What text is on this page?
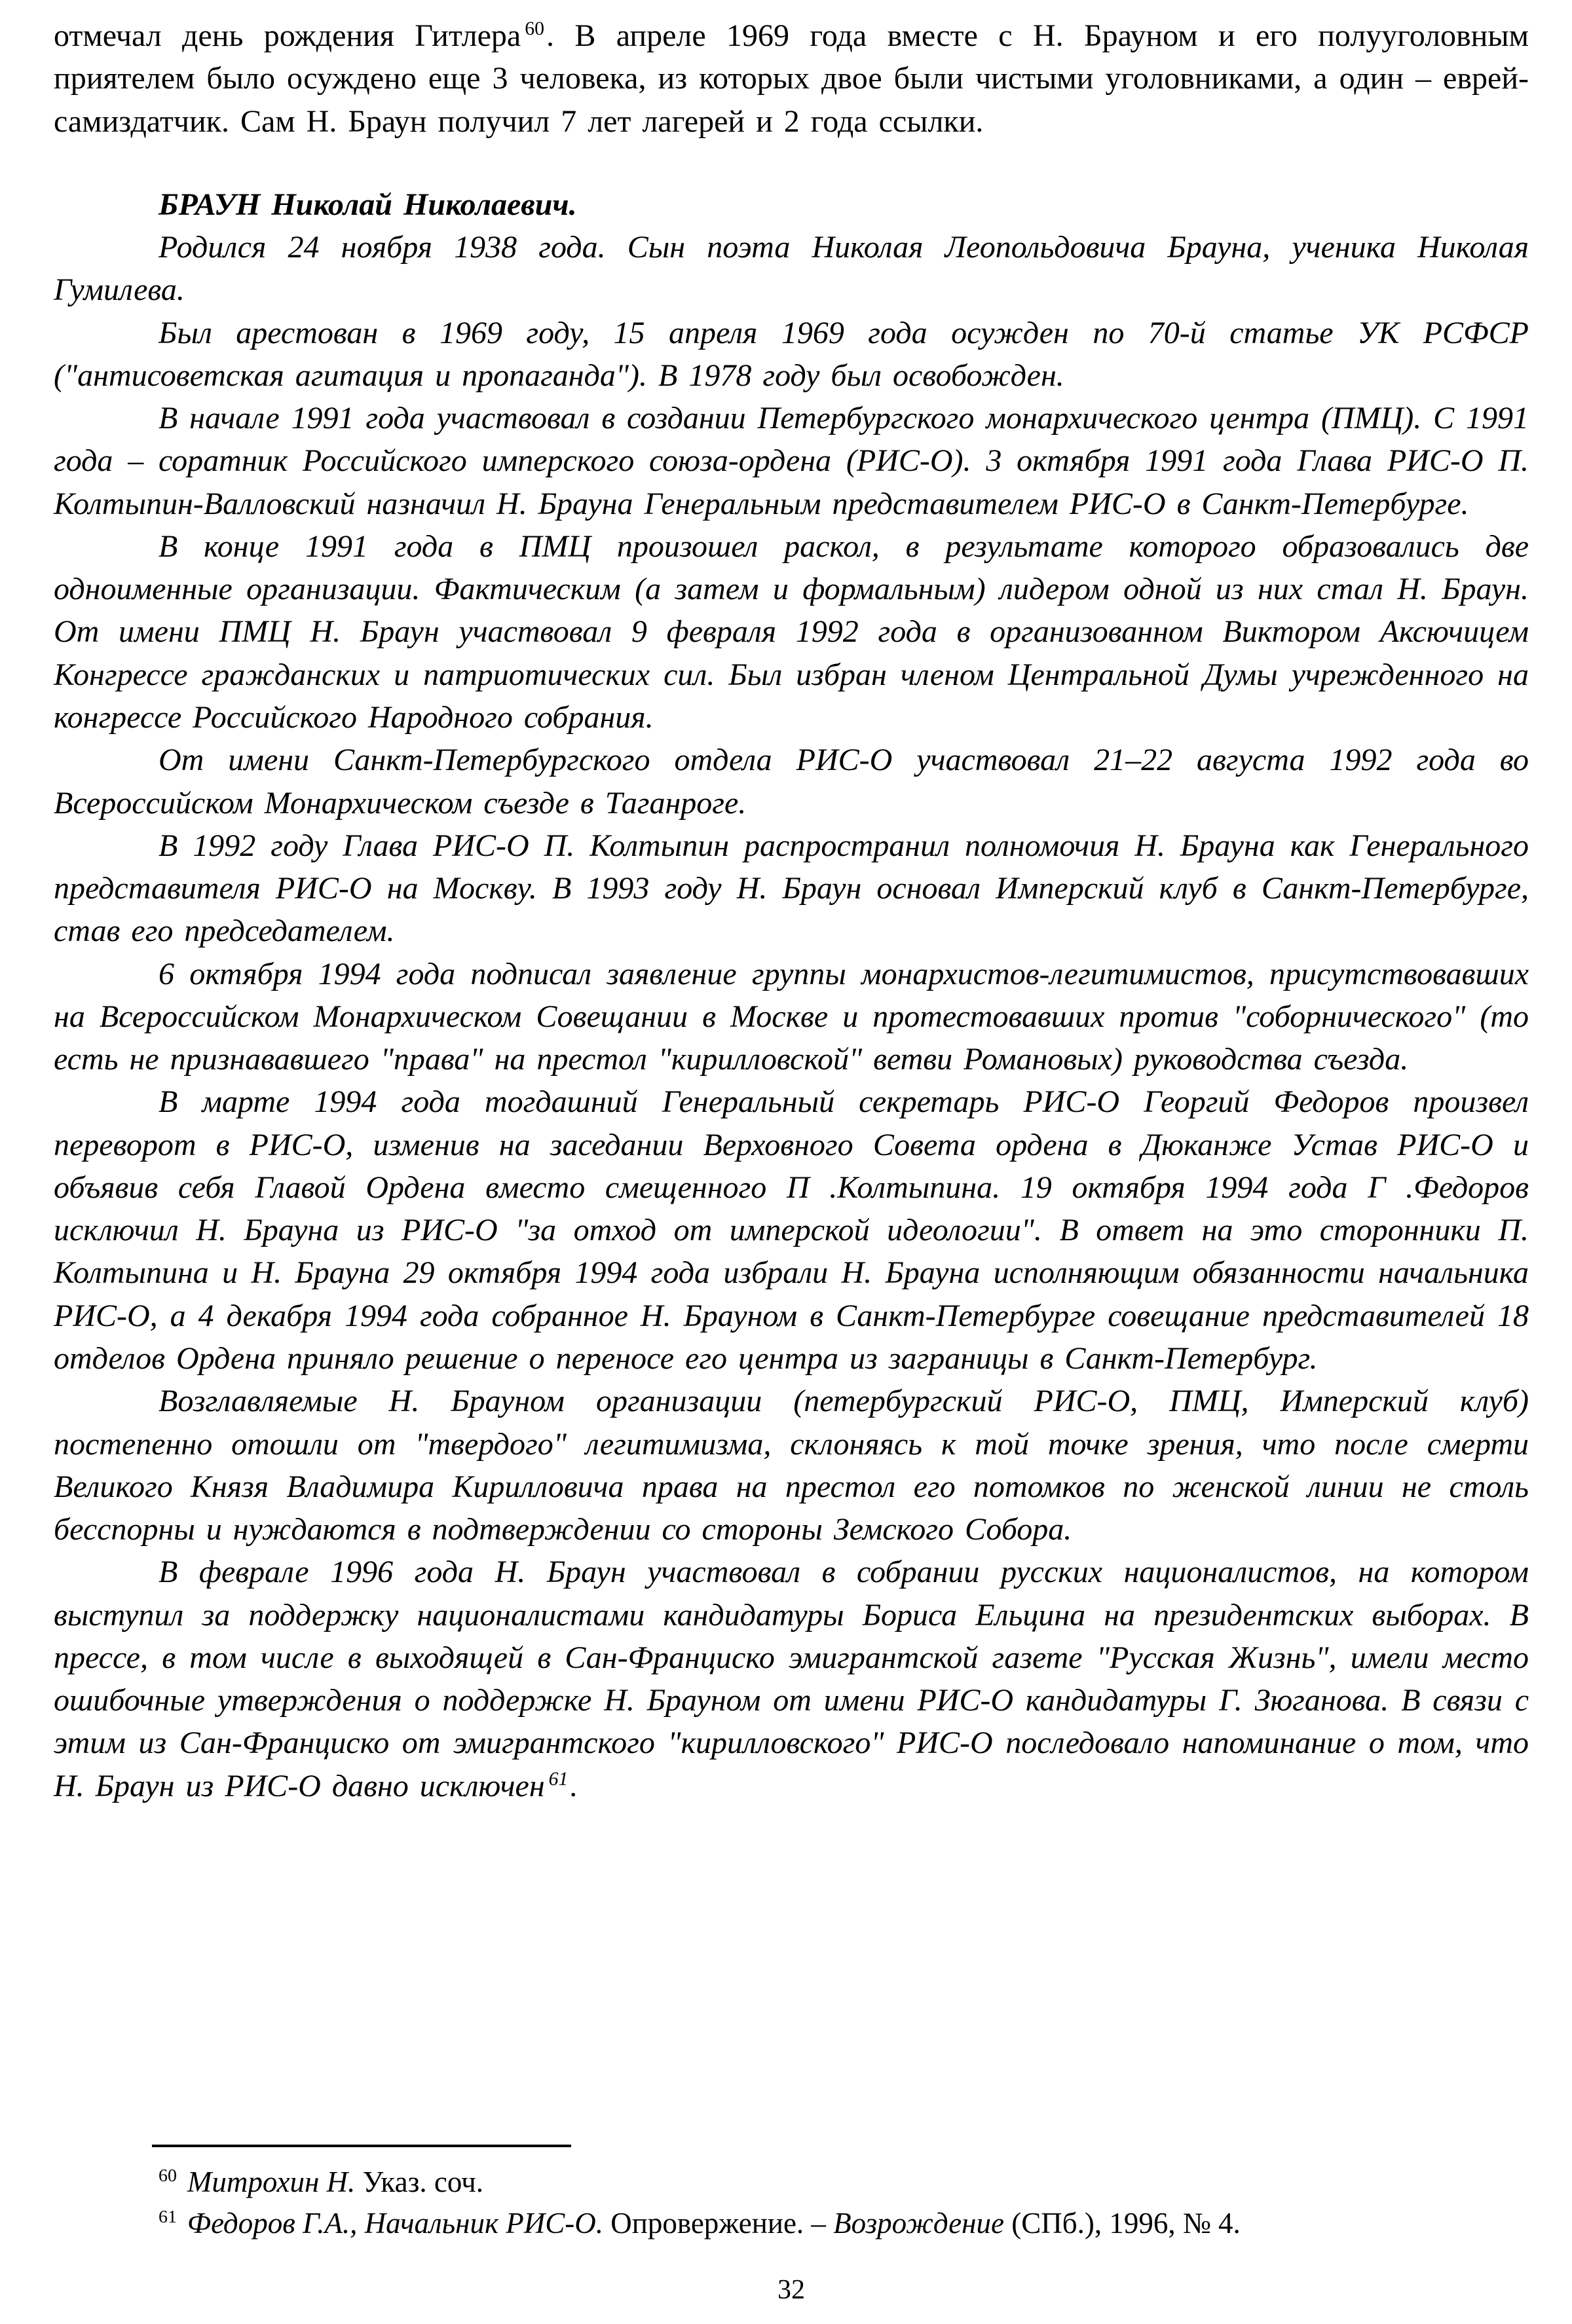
отмечал день рождения Гитлера $^{60}$. В апреле 1969 года вместе с Н. Брауном и его полууголовным приятелем было осуждено еще 3 человека, из которых двое были чистыми уголовниками, а один – еврей-самиздатчик. Сам Н. Браун получил 7 лет лагерей и 2 года ссылки.

БРАУН Николай Николаевич.

Родился 24 ноября 1938 года. Сын поэта Николая Леопольдовича Брауна, ученика Николая Гумилева.

Был арестован в 1969 году, 15 апреля 1969 года осужден по 70-й статье УК РСФСР ("антисоветская агитация и пропаганда"). В 1978 году был освобожден.

В начале 1991 года участвовал в создании Петербургского монархического центра (ПМЦ). С 1991 года – соратник Российского имперского союза-ордена (РИС-О). 3 октября 1991 года Глава РИС-О П. Колтыпин-Валловский назначил Н. Брауна Генеральным представителем РИС-О в Санкт-Петербурге.

В конце 1991 года в ПМЦ произошел раскол, в результате которого образовались две одноименные организации. Фактическим (а затем и формальным) лидером одной из них стал Н. Браун. От имени ПМЦ Н. Браун участвовал 9 февраля 1992 года в организованном Виктором Аксючицем Конгрессе гражданских и патриотических сил. Был избран членом Центральной Думы учрежденного на конгрессе Российского Народного собрания.

От имени Санкт-Петербургского отдела РИС-О участвовал 21–22 августа 1992 года во Всероссийском Монархическом съезде в Таганроге.

В 1992 году Глава РИС-О П. Колтыпин распространил полномочия Н. Брауна как Генерального представителя РИС-О на Москву. В 1993 году Н. Браун основал Имперский клуб в Санкт-Петербурге, став его председателем.

6 октября 1994 года подписал заявление группы монархистов-легитимистов, присутствовавших на Всероссийском Монархическом Совещании в Москве и протестовавших против "соборнического" (то есть не признававшего "права" на престол "кирилловской" ветви Романовых) руководства съезда.

В марте 1994 года тогдашний Генеральный секретарь РИС-О Георгий Федоров произвел переворот в РИС-О, изменив на заседании Верховного Совета ордена в Дюканже Устав РИС-О и объявив себя Главой Ордена вместо смещенного П .Колтыпина. 19 октября 1994 года Г .Федоров исключил Н. Брауна из РИС-О "за отход от имперской идеологии". В ответ на это сторонники П. Колтыпина и Н. Брауна 29 октября 1994 года избрали Н. Брауна исполняющим обязанности начальника РИС-О, а 4 декабря 1994 года собранное Н. Брауном в Санкт-Петербурге совещание представителей 18 отделов Ордена приняло решение о переносе его центра из заграницы в Санкт-Петербург.

Возглавляемые Н. Брауном организации (петербургский РИС-О, ПМЦ, Имперский клуб) постепенно отошли от "твердого" легитимизма, склоняясь к той точке зрения, что после смерти Великого Князя Владимира Кирилловича права на престол его потомков по женской линии не столь бесспорны и нуждаются в подтверждении со стороны Земского Собора.

В феврале 1996 года Н. Браун участвовал в собрании русских националистов, на котором выступил за поддержку националистами кандидатуры Бориса Ельцина на президентских выборах. В прессе, в том числе в выходящей в Сан-Франциско эмигрантской газете "Русская Жизнь", имели место ошибочные утверждения о поддержке Н. Брауном от имени РИС-О кандидатуры Г. Зюганова. В связи с этим из Сан-Франциско от эмигрантского "кирилловского" РИС-О последовало напоминание о том, что Н. Браун из РИС-О давно исключен $^{61}$.

$^{60}$ Митрохин Н. Указ. соч.

$^{61}$ Федоров Г.А., Начальник РИС-О. Опровержение. – Возрождение (СПб.), 1996, № 4.

32
